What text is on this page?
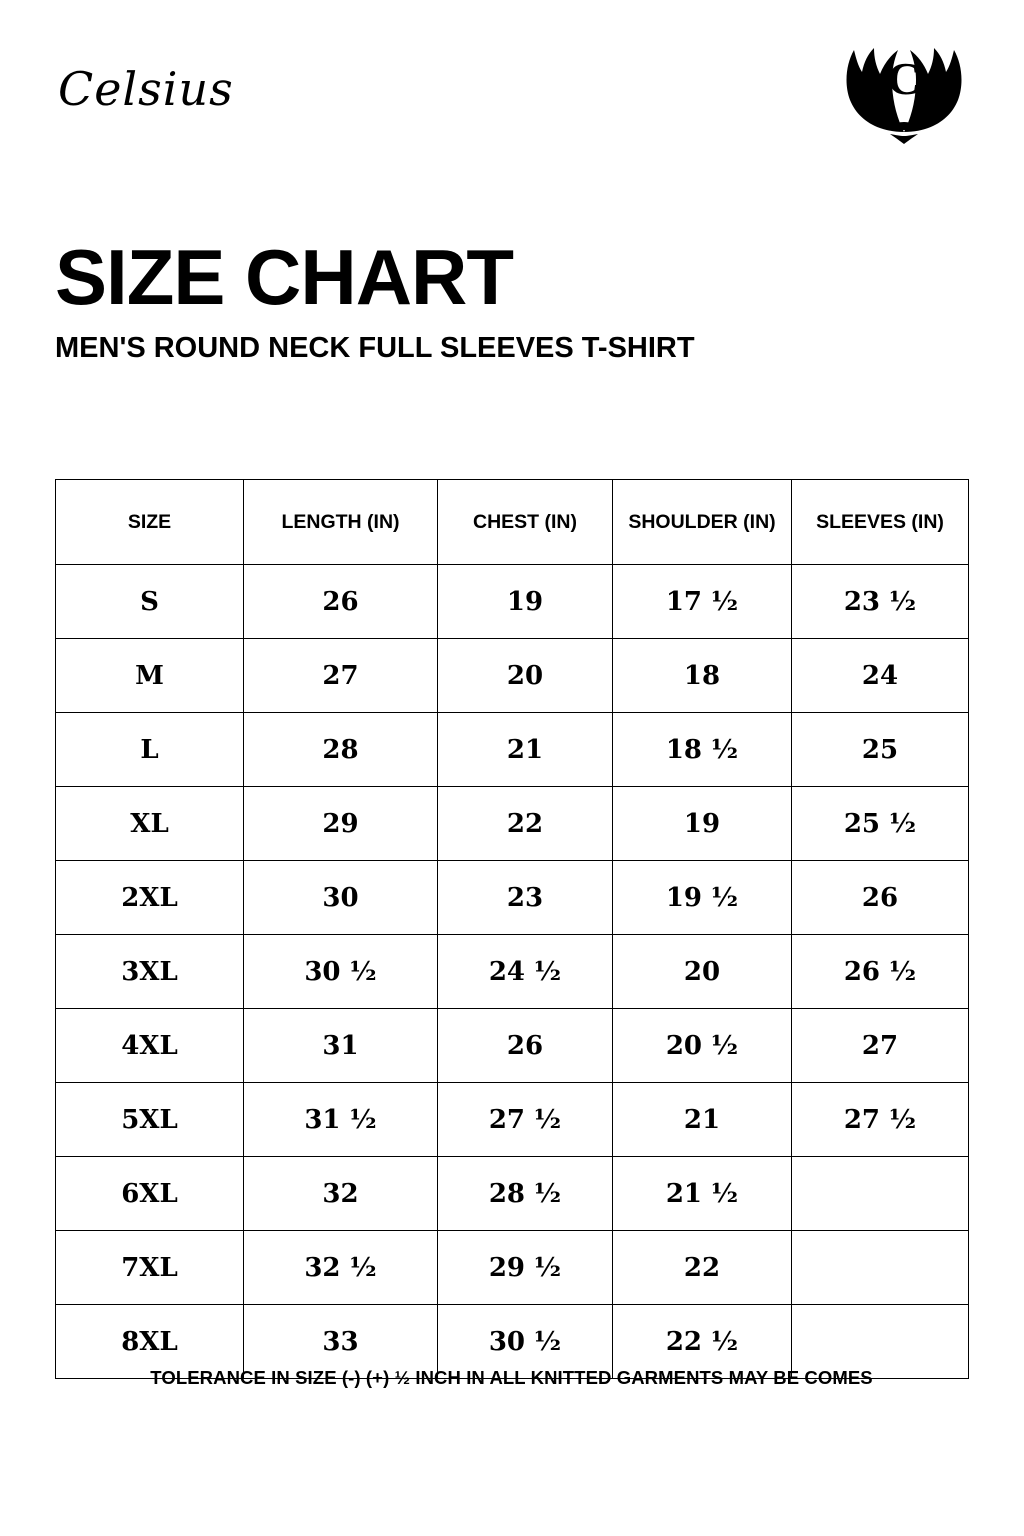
Celsius	C
SIZE CHART
MEN'S ROUND NECK FULL SLEEVES T-SHIRT
SIZE	LENGTH (IN)	CHEST (IN)	SHOULDER (IN)	SLEEVES (IN)
S	26	19	17 ½	23 ½
M	27	20	18	24
L	28	21	18 ½	25
XL	29	22	19	25 ½
2XL	30	23	19 ½	26
3XL	30 ½	24 ½	20	26 ½
4XL	31	26	20 ½	27
5XL	31 ½	27 ½	21	27 ½
6XL	32	28 ½	21 ½	
7XL	32 ½	29 ½	22	
8XL	33	30 ½	22 ½	
TOLERANCE IN SIZE (-) (+) ½ INCH IN ALL KNITTED GARMENTS MAY BE COMES
